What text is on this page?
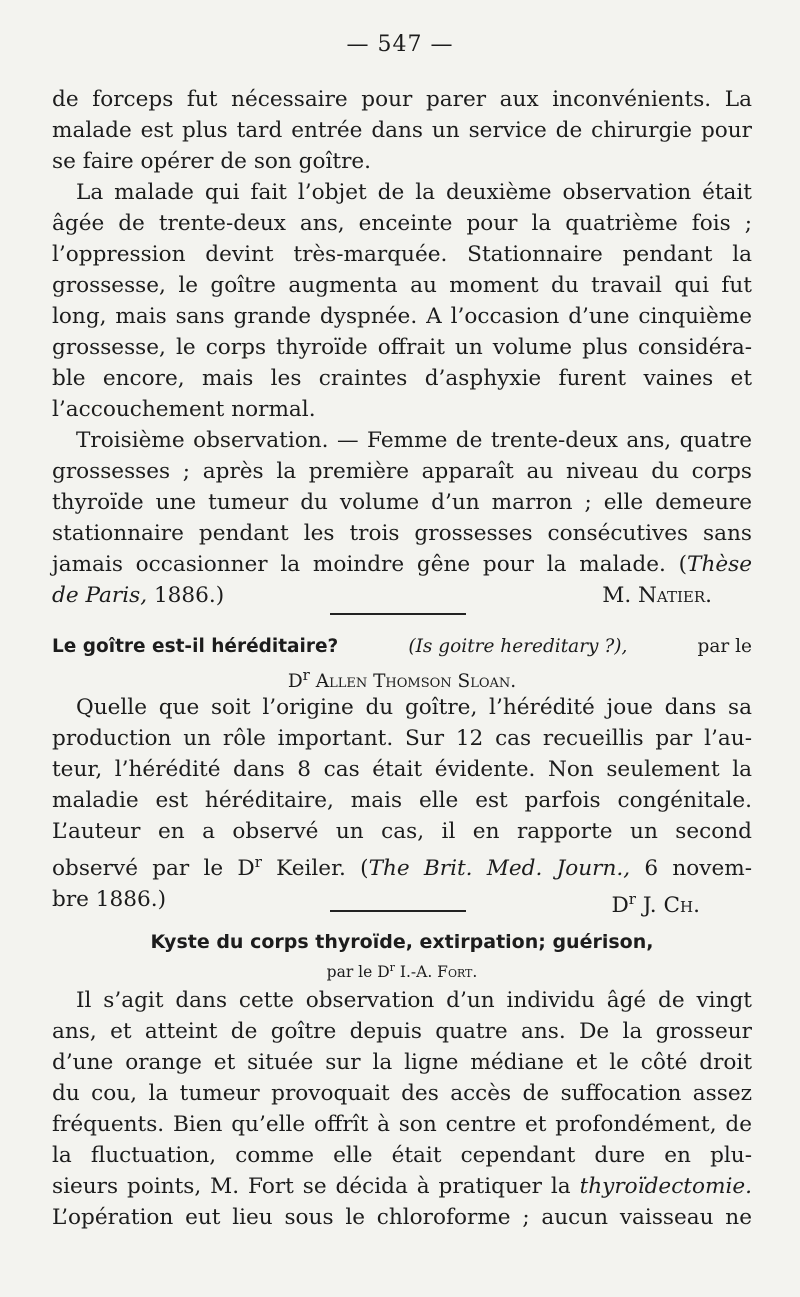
— 547 —
de forceps fut nécessaire pour parer aux inconvénients. La
malade est plus tard entrée dans un service de chirurgie pour
se faire opérer de son goître.
La malade qui fait l’objet de la deuxième observation était
âgée de trente-deux ans, enceinte pour la quatrième fois ;
l’oppression devint très-marquée. Stationnaire pendant la
grossesse, le goître augmenta au moment du travail qui fut
long, mais sans grande dyspnée. A l’occasion d’une cinquième
grossesse, le corps thyroïde offrait un volume plus considéra-
ble encore, mais les craintes d’asphyxie furent vaines et
l’accouchement normal.
Troisième observation. — Femme de trente-deux ans, quatre
grossesses ; après la première apparaît au niveau du corps
thyroïde une tumeur du volume d’un marron ; elle demeure
stationnaire pendant les trois grossesses consécutives sans
jamais occasionner la moindre gêne pour la malade. (Thèse
de Paris, 1886.)	M. Natier.
Le goître est-il héréditaire?	(Is goitre hereditary ?),	par le
$D^r$ Allen Thomson Sloan.
Quelle que soit l’origine du goître, l’hérédité joue dans sa
production un rôle important. Sur 12 cas recueillis par l’au-
teur, l’hérédité dans 8 cas était évidente. Non seulement la
maladie est héréditaire, mais elle est parfois congénitale.
L’auteur en a observé un cas, il en rapporte un second
observé par le $D^r$ Keiler. (The Brit. Med. Journ., 6 novem-
bre 1886.)	$D^r$ J. Ch.
Kyste du corps thyroïde, extirpation; guérison,
par le $D^r$ I.-A. Fort.
Il s’agit dans cette observation d’un individu âgé de vingt
ans, et atteint de goître depuis quatre ans. De la grosseur
d’une orange et située sur la ligne médiane et le côté droit
du cou, la tumeur provoquait des accès de suffocation assez
fréquents. Bien qu’elle offrît à son centre et profondément, de
la fluctuation, comme elle était cependant dure en plu-
sieurs points, M. Fort se décida à pratiquer la thyroïdectomie.
L’opération eut lieu sous le chloroforme ; aucun vaisseau ne
